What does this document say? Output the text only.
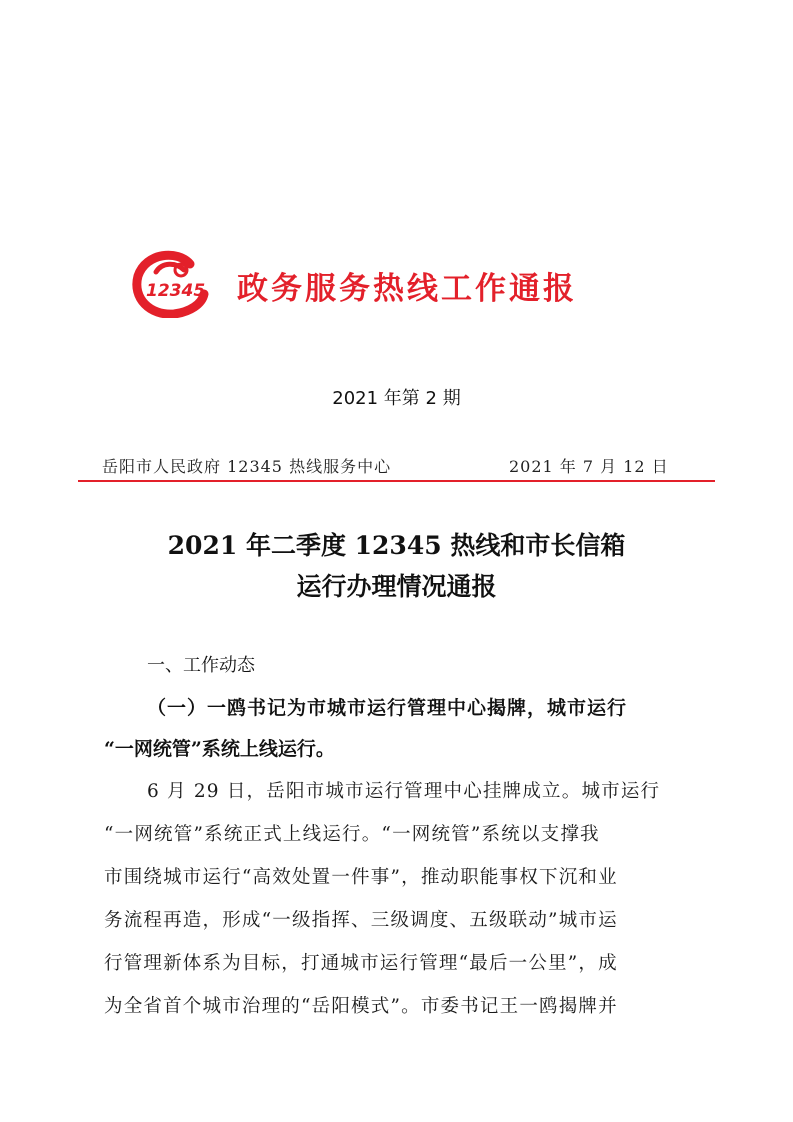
12345 政务服务热线工作通报

2021 年第 2 期

岳阳市人民政府 12345 热线服务中心	2021 年 7 月 12 日
2021 年二季度 12345 热线和市长信箱
运行办理情况通报
一、工作动态
（一）一鸥书记为市城市运行管理中心揭牌，城市运行
“一网统管”系统上线运行。
6 月 29 日，岳阳市城市运行管理中心挂牌成立。城市运行
“一网统管”系统正式上线运行。“一网统管”系统以支撑我
市围绕城市运行“高效处置一件事”，推动职能事权下沉和业
务流程再造，形成“一级指挥、三级调度、五级联动”城市运
行管理新体系为目标，打通城市运行管理“最后一公里”，成
为全省首个城市治理的“岳阳模式”。市委书记王一鸥揭牌并
